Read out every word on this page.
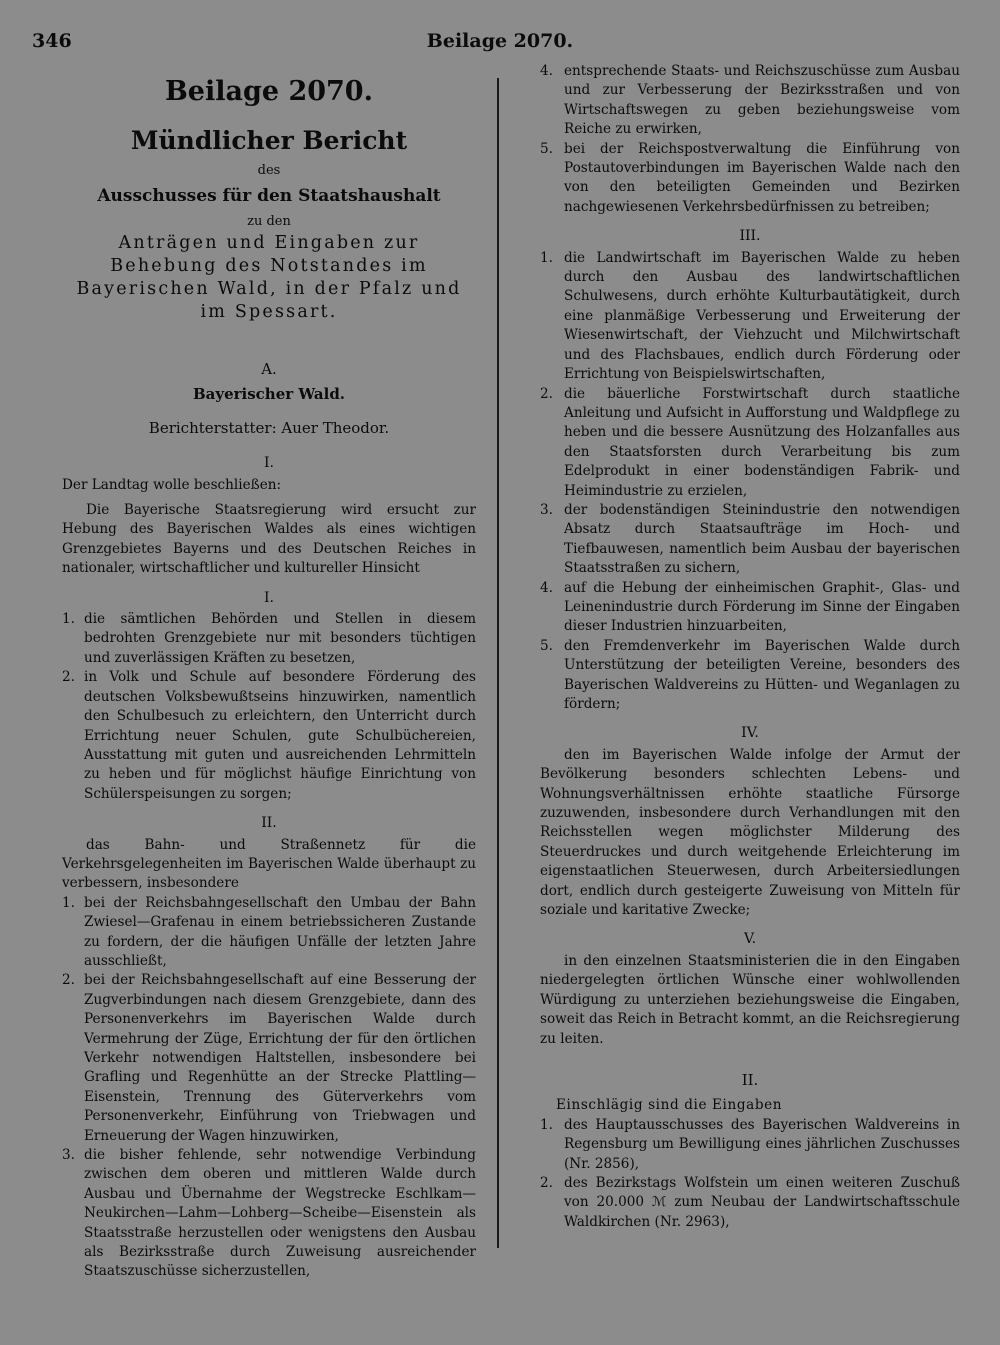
346	Beilage 2070.
Beilage 2070.
Mündlicher Bericht
des
Ausschusses für den Staatshaushalt
zu den
Anträgen und Eingaben zur Behebung des Notstandes im Bayerischen Wald, in der Pfalz und im Spessart.
A.
Bayerischer Wald.
Berichterstatter: Auer Theodor.
I.

Der Landtag wolle beschließen:

Die Bayerische Staatsregierung wird ersucht zur Hebung des Bayerischen Waldes als eines wichtigen Grenzgebietes Bayerns und des Deutschen Reiches in nationaler, wirtschaftlicher und kultureller Hinsicht

I.
1. die sämtlichen Behörden und Stellen in diesem bedrohten Grenzgebiete nur mit besonders tüchtigen und zuverlässigen Kräften zu besetzen,
2. in Volk und Schule auf besondere Förderung des deutschen Volksbewußtseins hinzuwirken, namentlich den Schulbesuch zu erleichtern, den Unterricht durch Errichtung neuer Schulen, gute Schulbüchereien, Ausstattung mit guten und ausreichenden Lehrmitteln zu heben und für möglichst häufige Einrichtung von Schülerspeisungen zu sorgen;
II.

das Bahn- und Straßennetz für die Verkehrsgelegenheiten im Bayerischen Walde überhaupt zu verbessern, insbesondere

1. bei der Reichsbahngesellschaft den Umbau der Bahn Zwiesel—Grafenau in einem betriebssicheren Zustande zu fordern, der die häufigen Unfälle der letzten Jahre ausschließt,
2. bei der Reichsbahngesellschaft auf eine Besserung der Zugverbindungen nach diesem Grenzgebiete, dann des Personenverkehrs im Bayerischen Walde durch Vermehrung der Züge, Errichtung der für den örtlichen Verkehr notwendigen Haltstellen, insbesondere bei Grafling und Regenhütte an der Strecke Plattling—Eisenstein, Trennung des Güterverkehrs vom Personenverkehr, Einführung von Triebwagen und Erneuerung der Wagen hinzuwirken,
3. die bisher fehlende, sehr notwendige Verbindung zwischen dem oberen und mittleren Walde durch Ausbau und Übernahme der Wegstrecke Eschlkam—Neukirchen—Lahm—Lohberg—Scheibe—Eisenstein als Staatsstraße herzustellen oder wenigstens den Ausbau als Bezirksstraße durch Zuweisung ausreichender Staatszuschüsse sicherzustellen,
4. entsprechende Staats- und Reichszuschüsse zum Ausbau und zur Verbesserung der Bezirksstraßen und von Wirtschaftswegen zu geben beziehungsweise vom Reiche zu erwirken,
5. bei der Reichspostverwaltung die Einführung von Postautoverbindungen im Bayerischen Walde nach den von den beteiligten Gemeinden und Bezirken nachgewiesenen Verkehrsbedürfnissen zu betreiben;
III.
1. die Landwirtschaft im Bayerischen Walde zu heben durch den Ausbau des landwirtschaftlichen Schulwesens, durch erhöhte Kulturbautätigkeit, durch eine planmäßige Verbesserung und Erweiterung der Wiesenwirtschaft, der Viehzucht und Milchwirtschaft und des Flachsbaues, endlich durch Förderung oder Errichtung von Beispielswirtschaften,
2. die bäuerliche Forstwirtschaft durch staatliche Anleitung und Aufsicht in Aufforstung und Waldpflege zu heben und die bessere Ausnützung des Holzanfalles aus den Staatsforsten durch Verarbeitung bis zum Edelprodukt in einer bodenständigen Fabrik- und Heimindustrie zu erzielen,
3. der bodenständigen Steinindustrie den notwendigen Absatz durch Staatsaufträge im Hoch- und Tiefbauwesen, namentlich beim Ausbau der bayerischen Staatsstraßen zu sichern,
4. auf die Hebung der einheimischen Graphit-, Glas- und Leinenindustrie durch Förderung im Sinne der Eingaben dieser Industrien hinzuarbeiten,
5. den Fremdenverkehr im Bayerischen Walde durch Unterstützung der beteiligten Vereine, besonders des Bayerischen Waldvereins zu Hütten- und Weganlagen zu fördern;
IV.

den im Bayerischen Walde infolge der Armut der Bevölkerung besonders schlechten Lebens- und Wohnungsverhältnissen erhöhte staatliche Fürsorge zuzuwenden, insbesondere durch Verhandlungen mit den Reichsstellen wegen möglichster Milderung des Steuerdruckes und durch weitgehende Erleichterung im eigenstaatlichen Steuerwesen, durch Arbeitersiedlungen dort, endlich durch gesteigerte Zuweisung von Mitteln für soziale und karitative Zwecke;

V.

in den einzelnen Staatsministerien die in den Eingaben niedergelegten örtlichen Wünsche einer wohlwollenden Würdigung zu unterziehen beziehungsweise die Eingaben, soweit das Reich in Betracht kommt, an die Reichsregierung zu leiten.

II.

Einschlägig sind die Eingaben

1. des Hauptausschusses des Bayerischen Waldvereins in Regensburg um Bewilligung eines jährlichen Zuschusses (Nr. 2856),
2. des Bezirkstags Wolfstein um einen weiteren Zuschuß von 20.000 ℳ zum Neubau der Landwirtschaftsschule Waldkirchen (Nr. 2963),
